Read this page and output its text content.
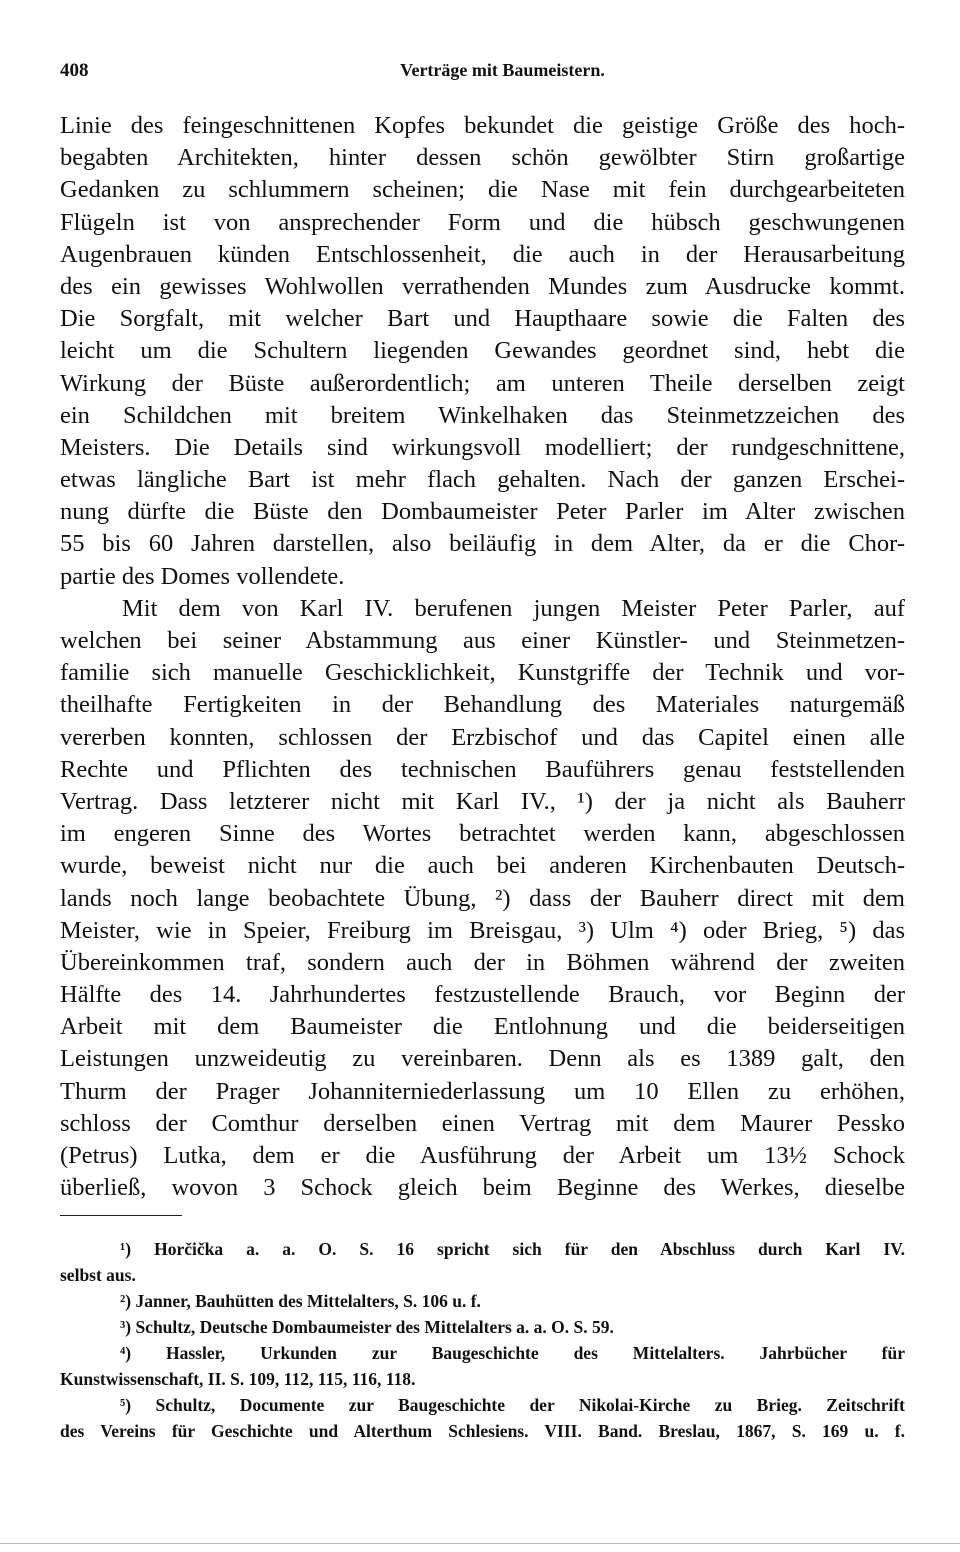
408	Verträge mit Baumeistern.
Linie des feingeschnittenen Kopfes bekundet die geistige Größe des hoch-
begabten Architekten, hinter dessen schön gewölbter Stirn großartige
Gedanken zu schlummern scheinen; die Nase mit fein durchgearbeiteten
Flügeln ist von ansprechender Form und die hübsch geschwungenen
Augenbrauen künden Entschlossenheit, die auch in der Herausarbeitung
des ein gewisses Wohlwollen verrathenden Mundes zum Ausdrucke kommt.
Die Sorgfalt, mit welcher Bart und Haupthaare sowie die Falten des
leicht um die Schultern liegenden Gewandes geordnet sind, hebt die
Wirkung der Büste außerordentlich; am unteren Theile derselben zeigt
ein Schildchen mit breitem Winkelhaken das Steinmetzzeichen des
Meisters. Die Details sind wirkungsvoll modelliert; der rundgeschnittene,
etwas längliche Bart ist mehr flach gehalten. Nach der ganzen Erschei-
nung dürfte die Büste den Dombaumeister Peter Parler im Alter zwischen
55 bis 60 Jahren darstellen, also beiläufig in dem Alter, da er die Chor-
partie des Domes vollendete.
Mit dem von Karl IV. berufenen jungen Meister Peter Parler, auf
welchen bei seiner Abstammung aus einer Künstler- und Steinmetzen-
familie sich manuelle Geschicklichkeit, Kunstgriffe der Technik und vor-
theilhafte Fertigkeiten in der Behandlung des Materiales naturgemäß
vererben konnten, schlossen der Erzbischof und das Capitel einen alle
Rechte und Pflichten des technischen Bauführers genau feststellenden
Vertrag. Dass letzterer nicht mit Karl IV., ¹) der ja nicht als Bauherr
im engeren Sinne des Wortes betrachtet werden kann, abgeschlossen
wurde, beweist nicht nur die auch bei anderen Kirchenbauten Deutsch-
lands noch lange beobachtete Übung, ²) dass der Bauherr direct mit dem
Meister, wie in Speier, Freiburg im Breisgau, ³) Ulm ⁴) oder Brieg, ⁵) das
Übereinkommen traf, sondern auch der in Böhmen während der zweiten
Hälfte des 14. Jahrhundertes festzustellende Brauch, vor Beginn der
Arbeit mit dem Baumeister die Entlohnung und die beiderseitigen
Leistungen unzweideutig zu vereinbaren. Denn als es 1389 galt, den
Thurm der Prager Johanniterniederlassung um 10 Ellen zu erhöhen,
schloss der Comthur derselben einen Vertrag mit dem Maurer Pessko
(Petrus) Lutka, dem er die Ausführung der Arbeit um 13½ Schock
überließ, wovon 3 Schock gleich beim Beginne des Werkes, dieselbe
¹) Horčička a. a. O. S. 16 spricht sich für den Abschluss durch Karl IV.
selbst aus.
²) Janner, Bauhütten des Mittelalters, S. 106 u. f.
³) Schultz, Deutsche Dombaumeister des Mittelalters a. a. O. S. 59.
⁴) Hassler, Urkunden zur Baugeschichte des Mittelalters. Jahrbücher für
Kunstwissenschaft, II. S. 109, 112, 115, 116, 118.
⁵) Schultz, Documente zur Baugeschichte der Nikolai-Kirche zu Brieg. Zeitschrift
des Vereins für Geschichte und Alterthum Schlesiens. VIII. Band. Breslau, 1867, S. 169 u. f.
